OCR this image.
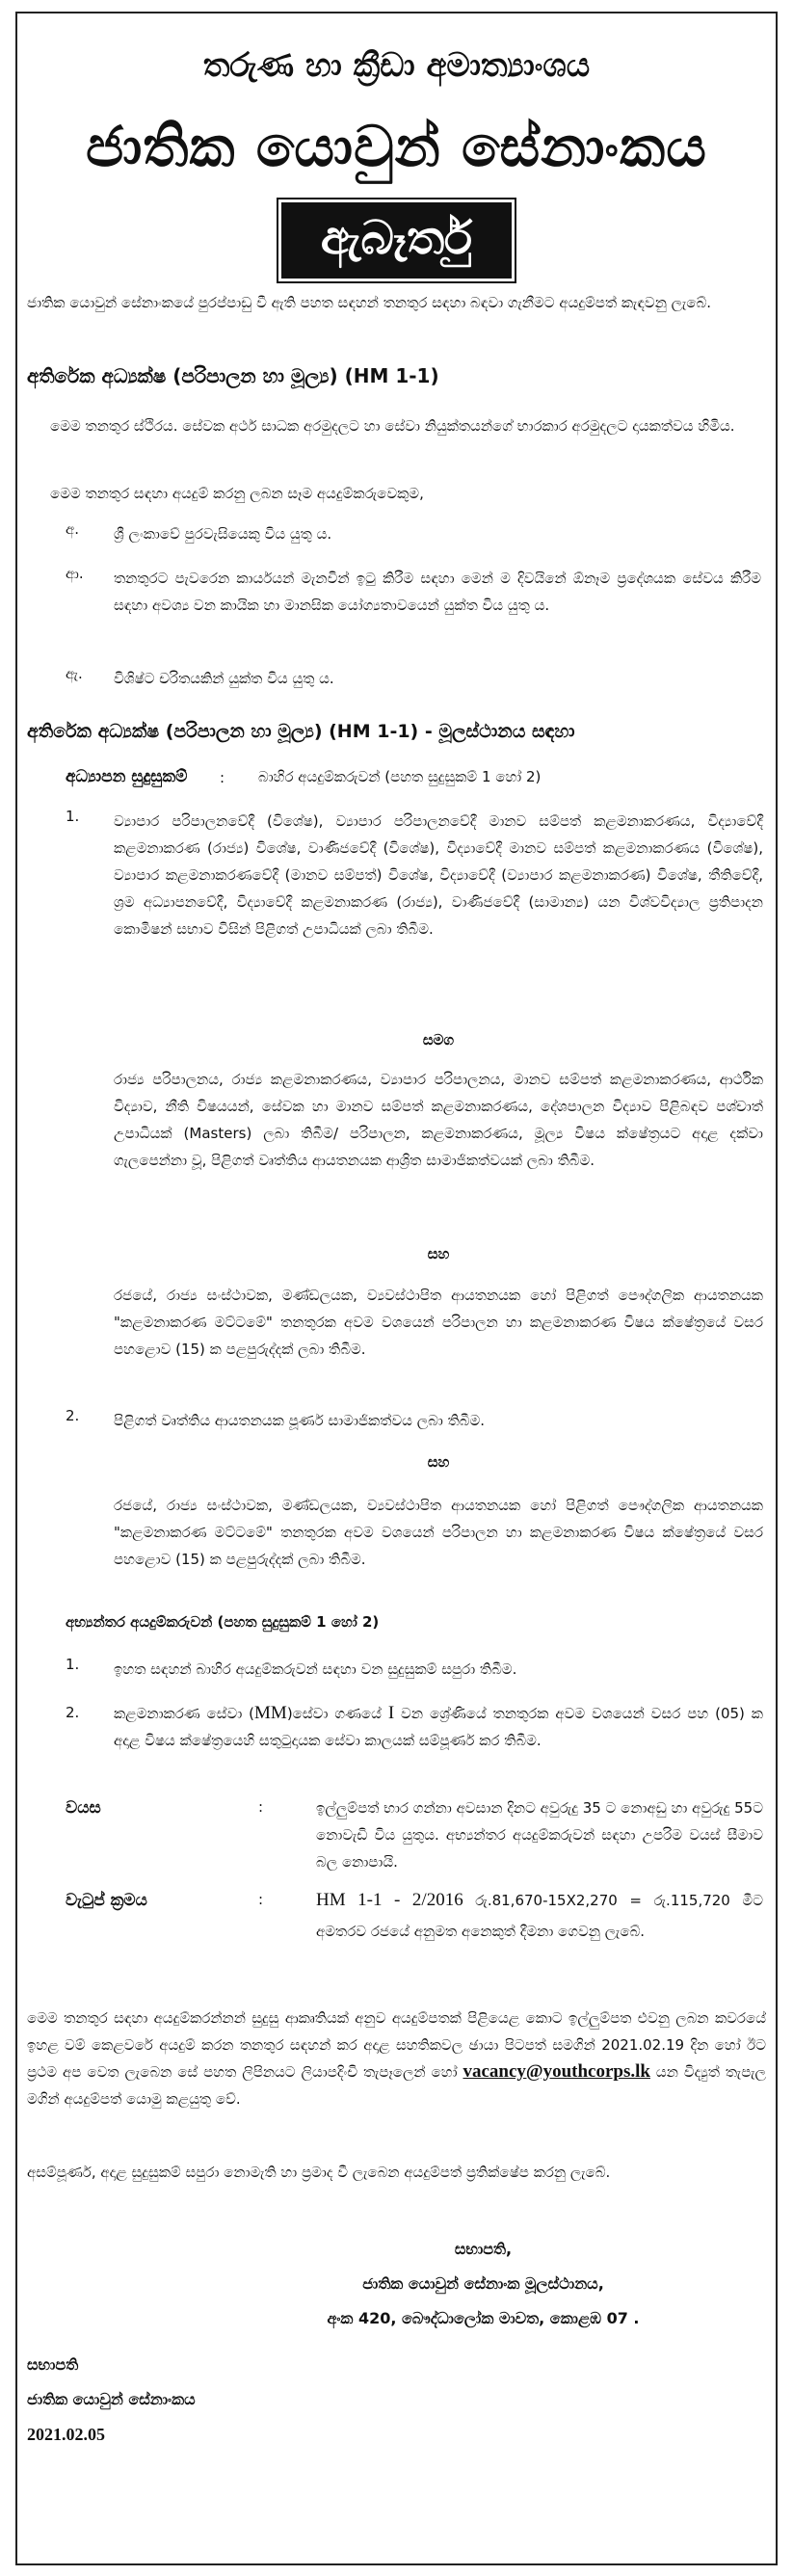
තරුණ හා ක්‍රීඩා අමාත්‍යාංශය
ජාතික යොවුන් සේනාංකය
ඇබෑර්තු
ජාතික යොවුන් සේනාංකයේ පුරප්පාඩු වී ඇති පහත සඳහන් තනතුර සඳහා බඳවා ගැනීමට අයදුම්පත් කැඳවනු ලැබේ.
අතිරේක අධ්‍යක්ෂ (පරිපාලන හා මූල්‍ය) (HM 1-1)
මෙම තනතුර ස්ථිරය. සේවක අර්ථ සාධක අරමුදලට හා සේවා නියුක්තයන්ගේ භාරකාර අරමුදලට දායකත්වය හිමිය.
මෙම තනතුර සඳහා අයදුම් කරනු ලබන සෑම අයදුම්කරුවෙකුම,
අ. ශ්‍රී ලංකාවේ පුරවැසියෙකු විය යුතු ය.
ආ. තනතුරට පැවරෙන කාර්යයන් මැනවින් ඉටු කිරීම සඳහා මෙන් ම දිවයිනේ ඕනෑම ප්‍රදේශයක සේවය කිරීම සඳහා අවශ්‍ය වන කායික හා මානසික යෝග්‍යතාවයෙන් යුක්ත විය යුතු ය.
ඇ. විශිෂ්ට චරිතයකින් යුක්ත විය යුතු ය.
අතිරේක අධ්‍යක්ෂ (පරිපාලන හා මූල්‍ය) (HM 1-1) - මූලස්ථානය සඳහා
අධ්‍යාපන සුදුසුකම් : බාහිර අයදුම්කරුවන් (පහත සුදුසුකම් 1 හෝ 2)
1. ව්‍යාපාර පරිපාලනවේදී (විශේෂ), ව්‍යාපාර පරිපාලනවේදී මානව සම්පත් කළමනාකරණය, විද්‍යාවේදී කළමනාකරණ (රාජ්‍ය) විශේෂ, වාණිජවේදී (විශේෂ), විද්‍යාවේදී මානව සම්පත් කළමනාකරණය (විශේෂ), ව්‍යාපාර කළමනාකරණවේදී (මානව සම්පත්) විශේෂ, විද්‍යාවේදී (ව්‍යාපාර කළමනාකරණ) විශේෂ, තීතිවේදී, ශ්‍රම අධ්‍යාපනවේදී, විද්‍යාවේදී කළමනාකරණ (රාජ්‍ය), වාණිජවේදී (සාමාන්‍ය) යන විශ්වවිද්‍යාල ප්‍රතිපාදන කොමිෂන් සභාව විසින් පිළිගත් උපාධියක් ලබා තිබීම.
සමග
රාජ්‍ය පරිපාලනය, රාජ්‍ය කළමනාකරණය, ව්‍යාපාර පරිපාලනය, මානව සම්පත් කළමනාකරණය, ආර්ථික විද්‍යාව, නීති විෂයයන්, සේවක හා මානව සම්පත් කළමනාකරණය, දේශපාලන විද්‍යාව පිළිබඳව පශ්චාත් උපාධියක් (Masters) ලබා තිබීම/ පරිපාලන, කළමනාකරණය, මූල්‍ය විෂය ක්ෂේත්‍රයට අදාළ දක්වා ගැලපෙන්නා වූ, පිළිගත් වෘත්තිය ආයතනයක ආශ්‍රිත සාමාජිකත්වයක් ලබා තිබීම.
සහ
රජයේ, රාජ්‍ය සංස්ථාවක, මණ්ඩලයක, ව්‍යවස්ථාපිත ආයතනයක හෝ පිළිගත් පෞද්ගලික ආයතනයක "කළමනාකරණ මට්ටමේ" තනතුරක අවම වශයෙන් පරිපාලන හා කළමනාකරණ විෂය ක්ෂේත්‍රයේ වසර පහළොව (15) ක පළපුරුද්දක් ලබා තිබීම.
2. පිළිගත් වෘත්තිය ආයතනයක පූර්ණ සාමාජිකත්වය ලබා තිබීම.
සහ
රජයේ, රාජ්‍ය සංස්ථාවක, මණ්ඩලයක, ව්‍යවස්ථාපිත ආයතනයක හෝ පිළිගත් පෞද්ගලික ආයතනයක "කළමනාකරණ මට්ටමේ" තනතුරක අවම වශයෙන් පරිපාලන හා කළමනාකරණ විෂය ක්ෂේත්‍රයේ වසර පහළොව (15) ක පළපුරුද්දක් ලබා තිබීම.
අභ්‍යන්තර අයදුම්කරුවන් (පහත සුදුසුකම් 1 හෝ 2)
1. ඉහත සඳහන් බාහිර අයදුම්කරුවන් සඳහා වන සුදුසුකම් සපුරා තිබීම.
2. කළමනාකරණ සේවා (MM)සේවා ගණයේ I වන ශ්‍රේණියේ තනතුරක අවම වශයෙන් වසර පහ (05) ක අදාළ විෂය ක්ෂේත්‍රයෙහි සතුටුදායක සේවා කාලයක් සම්පූර්ණ කර තිබීම.
වයස	:	ඉල්ලුම්පත් භාර ගන්නා අවසාන දිනට අවුරුදු 35 ට නොඅඩු හා අවුරුදු 55ට නොවැඩි විය යුතුය. අභ්‍යන්තර අයදුම්කරුවන් සඳහා උපරිම වයස් සීමාව බල නොපායි.
වැටුප් ක්‍රමය	:	HM 1-1 - 2/2016 රු.81,670-15X2,270 = රු.115,720 මීට අමතරව රජයේ අනුමත අනෙකුත් දීමනා ගෙවනු ලැබේ.
මෙම තනතුර සඳහා අයදුම්කරන්නන් සුදුසු ආකෘතියක් අනුව අයදුම්පතක් පිළියෙළ කොට ඉල්ලුම්පත එවනු ලබන කවරයේ ඉහළ වම් කෙළවරේ අයදුම් කරන තනතුර සඳහන් කර අදාළ සහතිකවල ඡායා පිටපත් සමගින් 2021.02.19 දින හෝ ඊට ප්‍රථම අප වෙත ලැබෙන සේ පහත ලිපිනයට ලියාපදිංචි තැපෑලෙන් හෝ vacancy@youthcorps.lk යන විද්‍යුත් තැපැල මගින් අයදුම්පත් යොමු කළයුතු වේ.
අසම්පූර්ණ, අදාළ සුදුසුකම් සපුරා නොමැති හා ප්‍රමාද වී ලැබෙන අයදුම්පත් ප්‍රතික්ෂේප කරනු ලැබේ.
සභාපති,
ජාතික යොවුන් සේනාංක මූලස්ථානය,
අංක 420, බෞද්ධාලෝක මාවත, කොළඹ 07 .
සභාපති
ජාතික යොවුන් සේනාංකය
2021.02.05
